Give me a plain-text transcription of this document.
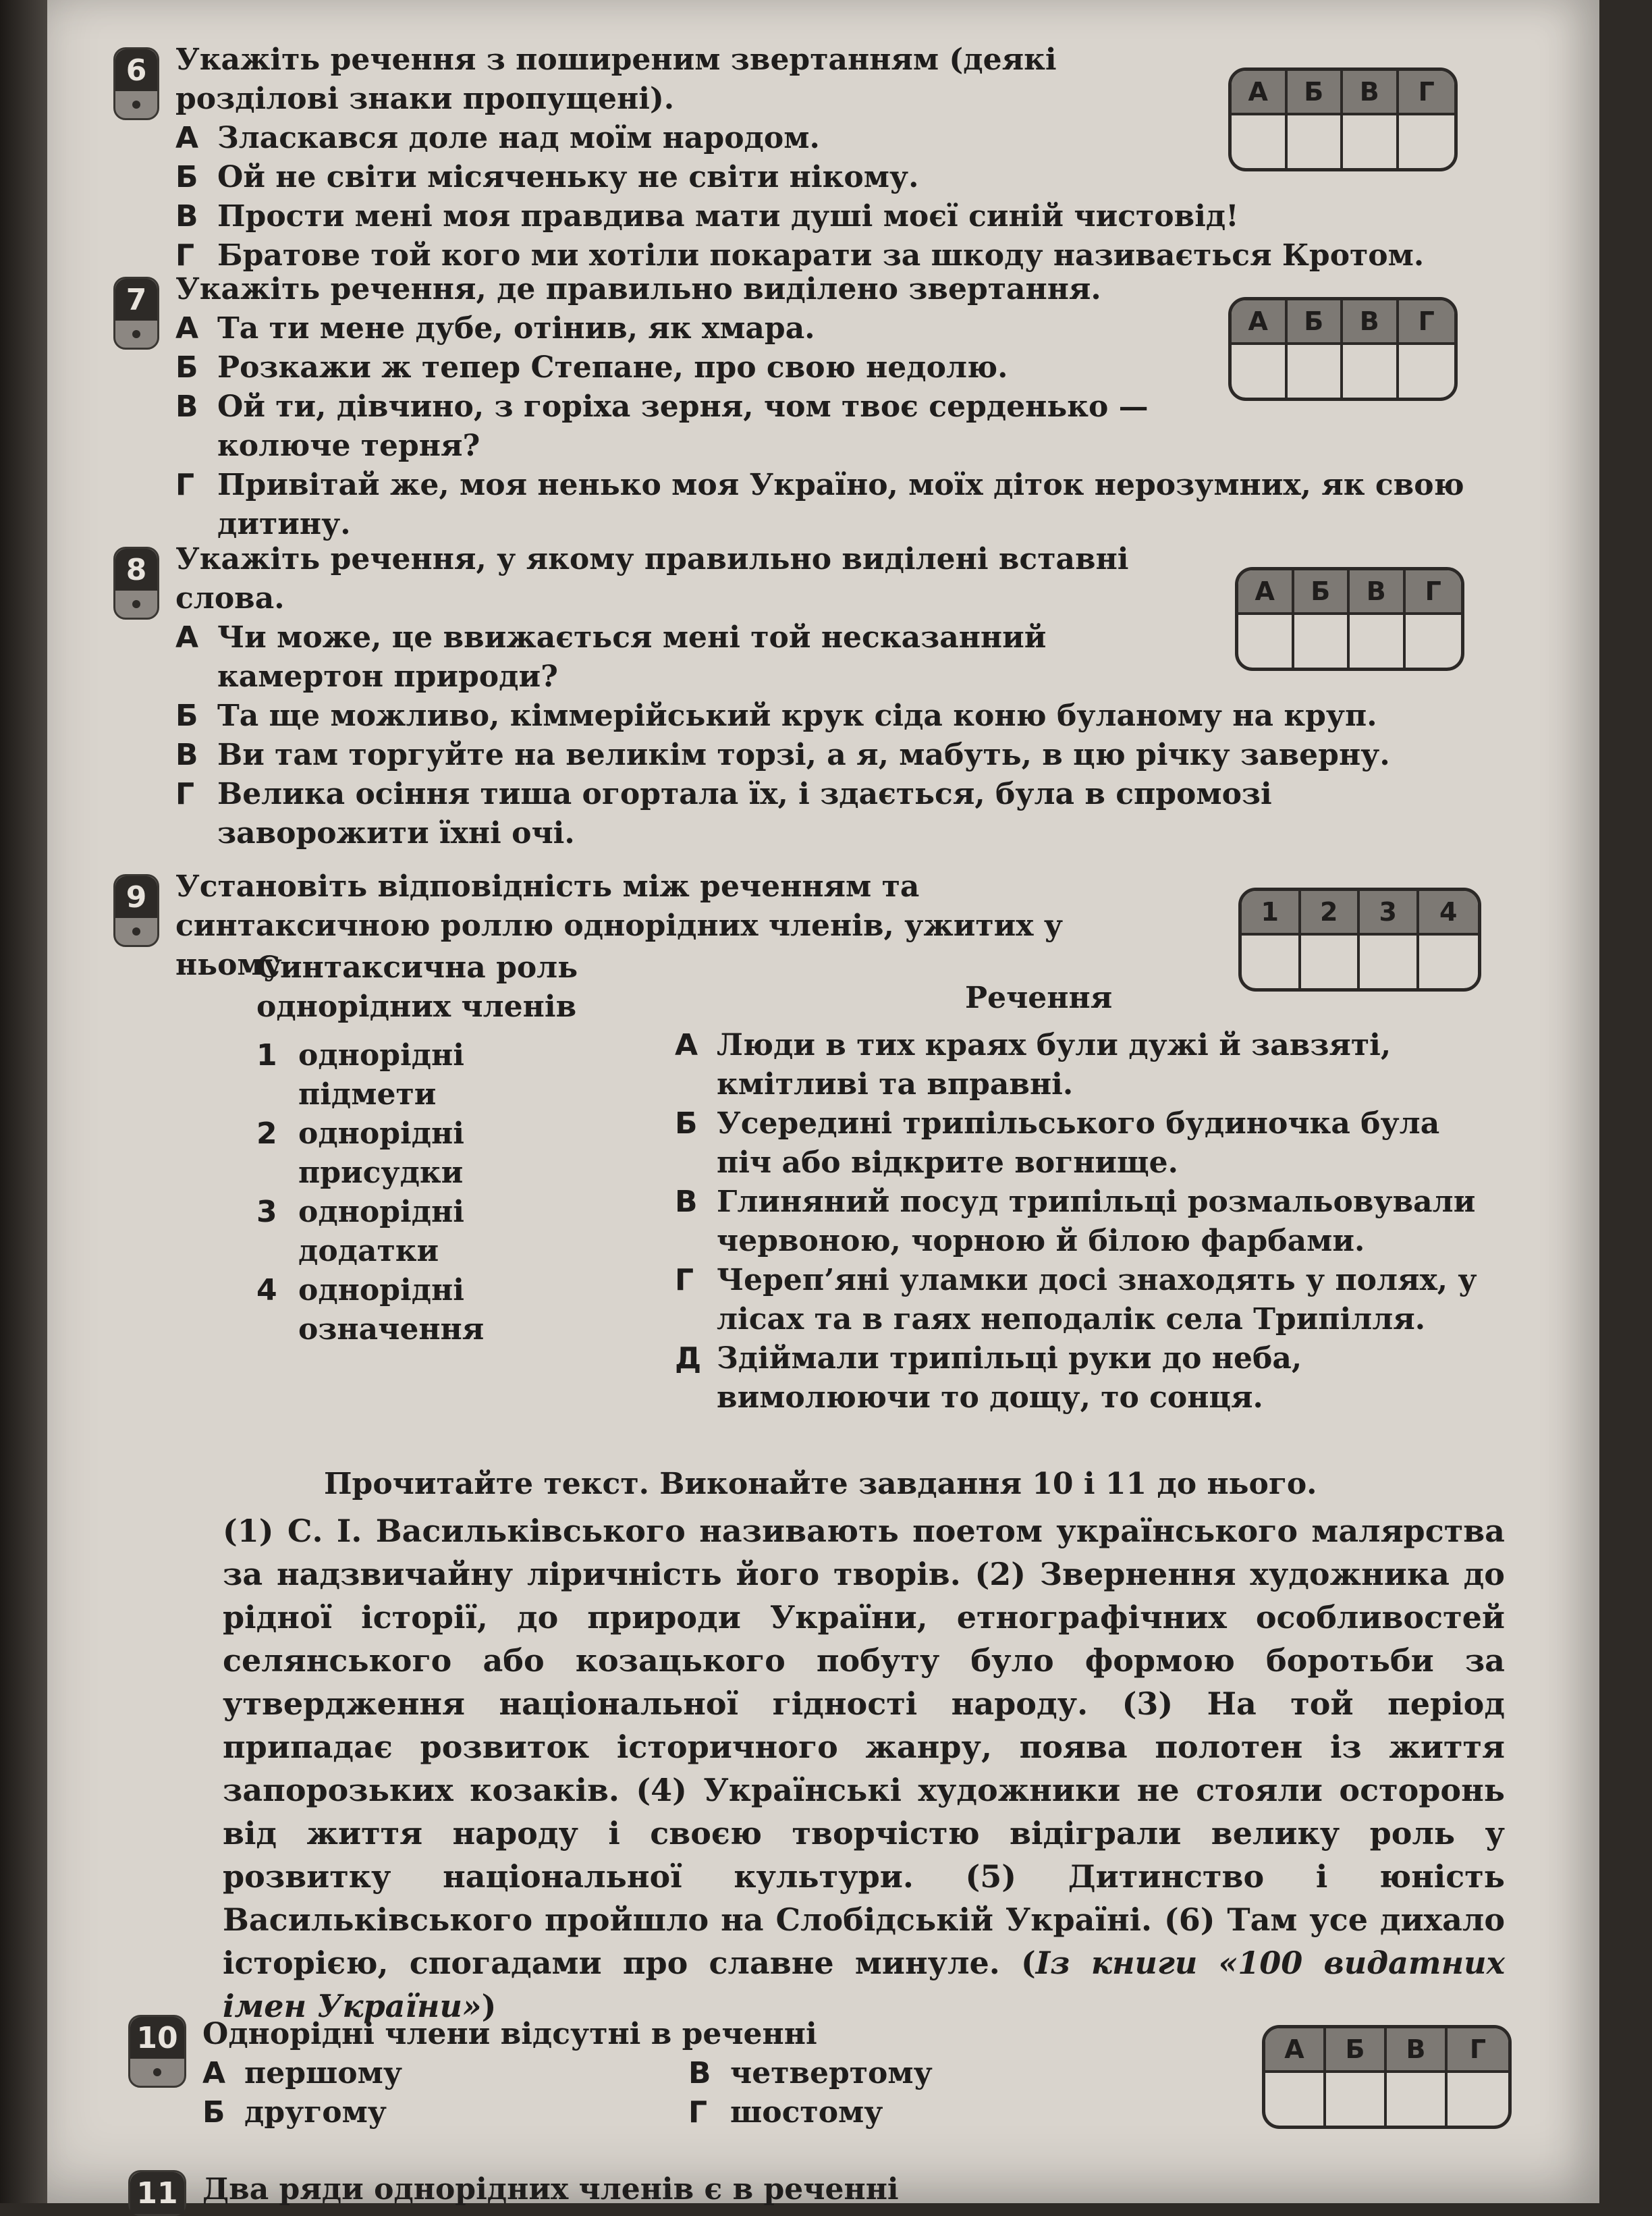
6 Укажіть речення з поширеним звертанням (деякі розділові знаки пропущені).

А Зласкався доле над моїм народом.
Б Ой не світи місяченьку не світи нікому.
В Прости мені моя правдива мати душі моєї синій чистовід!
Г Братове той кого ми хотіли покарати за шкоду називається Кротом.
А	Б	В	Г
7 Укажіть речення, де правильно виділено звертання.

А Та ти мене дубе, отінив, як хмара.
Б Розкажи ж тепер Степане, про свою недолю.
В Ой ти, дівчино, з горіха зерня, чом твоє серденько — колюче терня?
Г Привітай же, моя ненько моя Україно, моїх діток нерозумних, як свою дитину.
А	Б	В	Г
8 Укажіть речення, у якому правильно виділені вставні слова.

А Чи може, це ввижається мені той несказанний камертон природи?
Б Та ще можливо, кіммерійський крук сіда коню буланому на круп.
В Ви там торгуйте на великім торзі, а я, мабуть, в цю річку заверну.
Г Велика осіння тиша огортала їх, і здається, була в спромозі заворожити їхні очі.
А	Б	В	Г
9 Установіть відповідність між реченням та синтаксичною роллю однорідних членів, ужитих у ньому.

1	2	3	4
Синтаксична роль однорідних членів
1 однорідні підмети
2 однорідні присудки
3 однорідні додатки
4 однорідні означення
Речення
А Люди в тих краях були дужі й завзяті, кмітливі та вправні.
Б Усередині трипільського будиночка була піч або відкрите вогнище.
В Глиняний посуд трипільці розмальовували червоною, чорною й білою фарбами.
Г Череп’яні уламки досі знаходять у полях, у лісах та в гаях неподалік села Трипілля.
Д Здіймали трипільці руки до неба, вимолюючи то дощу, то сонця.
Прочитайте текст. Виконайте завдання 10 і 11 до нього.
(1) С. І. Васильківського називають поетом українського малярства за надзвичайну ліричність його творів. (2) Звернення художника до рідної історії, до природи України, етнографічних особливостей селянського або козацького побуту було формою боротьби за утвердження національної гідності народу. (3) На той період припадає розвиток історичного жанру, поява полотен із життя запорозьких козаків. (4) Українські художники не стояли осторонь від життя народу і своєю творчістю відіграли велику роль у розвитку національної культури. (5) Дитинство і юність Васильківського пройшло на Слобідській Україні. (6) Там усе дихало історією, спогадами про славне минуле. (Із книги «100 видатних імен України»)
10 Однорідні члени відсутні в реченні

А першому
Б другому
В четвертому
Г шостому
А	Б	В	Г
11 Два ряди однорідних членів є в реченні
